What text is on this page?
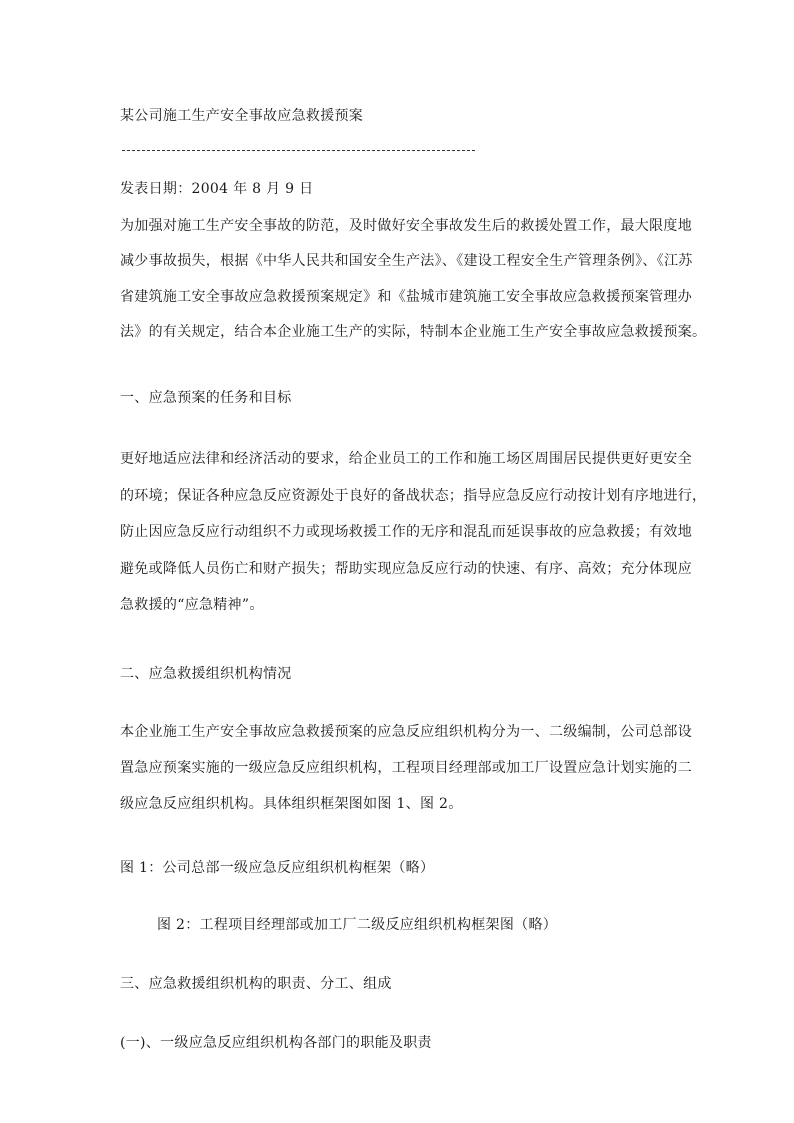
某公司施工生产安全事故应急救援预案
发表日期：2004 年 8 月 9 日
为加强对施工生产安全事故的防范，及时做好安全事故发生后的救援处置工作，最大限度地
减少事故损失，根据《中华人民共和国安全生产法》、《建设工程安全生产管理条例》、《江苏
省建筑施工安全事故应急救援预案规定》和《盐城市建筑施工安全事故应急救援预案管理办
法》的有关规定，结合本企业施工生产的实际，特制本企业施工生产安全事故应急救援预案。
一、应急预案的任务和目标
更好地适应法律和经济活动的要求，给企业员工的工作和施工场区周围居民提供更好更安全
的环境；保证各种应急反应资源处于良好的备战状态；指导应急反应行动按计划有序地进行，
防止因应急反应行动组织不力或现场救援工作的无序和混乱而延误事故的应急救援；有效地
避免或降低人员伤亡和财产损失；帮助实现应急反应行动的快速、有序、高效；充分体现应
急救援的“应急精神”。
二、应急救援组织机构情况
本企业施工生产安全事故应急救援预案的应急反应组织机构分为一、二级编制，公司总部设
置急应预案实施的一级应急反应组织机构，工程项目经理部或加工厂设置应急计划实施的二
级应急反应组织机构。具体组织框架图如图 1、图 2。
图 1：公司总部一级应急反应组织机构框架（略）
图 2：工程项目经理部或加工厂二级反应组织机构框架图（略）
三、应急救援组织机构的职责、分工、组成
(一)、一级应急反应组织机构各部门的职能及职责
